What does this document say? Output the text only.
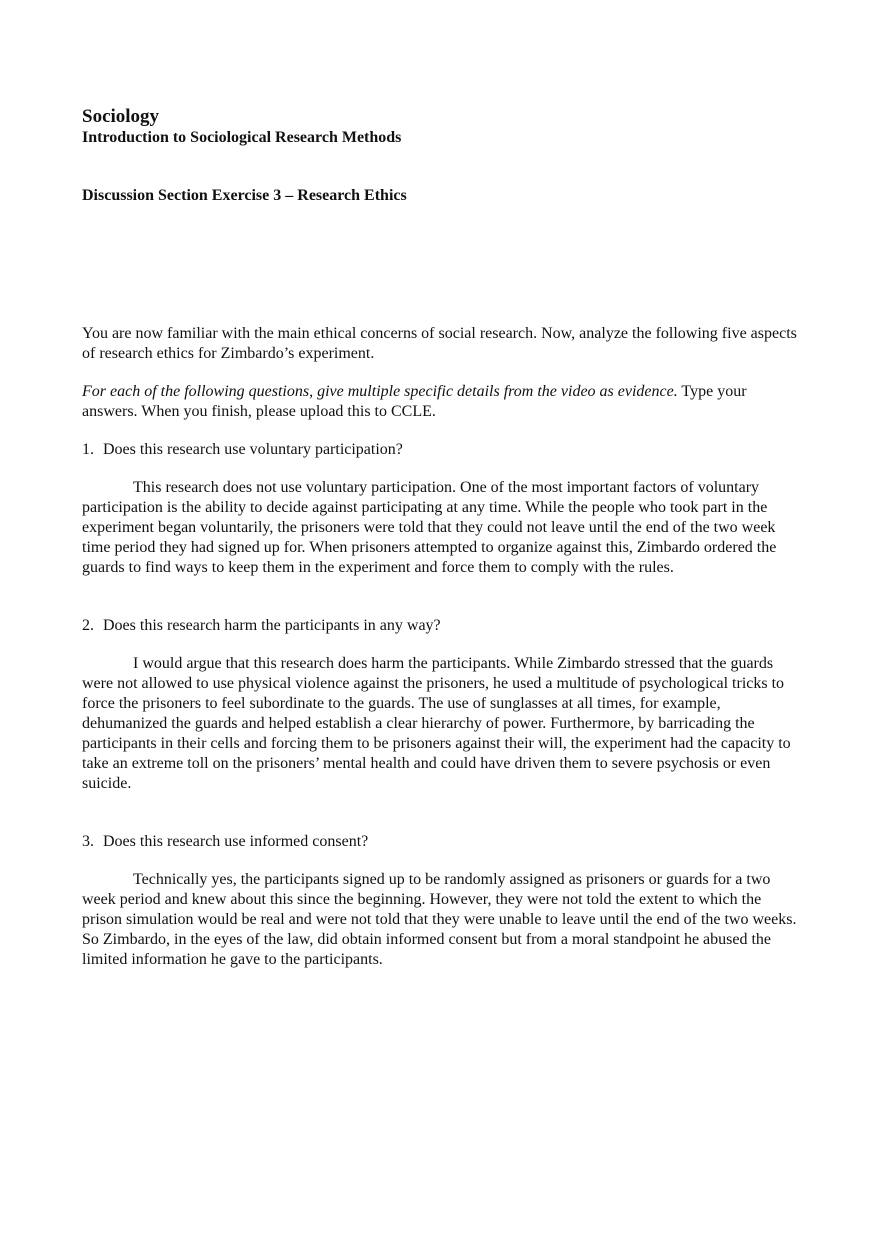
Sociology
Introduction to Sociological Research Methods
Discussion Section Exercise 3 – Research Ethics

You are now familiar with the main ethical concerns of social research. Now, analyze the following five aspects of research ethics for Zimbardo’s experiment.

For each of the following questions, give multiple specific details from the video as evidence. Type your answers. When you finish, please upload this to CCLE.

1. Does this research use voluntary participation?

This research does not use voluntary participation. One of the most important factors of voluntary participation is the ability to decide against participating at any time. While the people who took part in the experiment began voluntarily, the prisoners were told that they could not leave until the end of the two week time period they had signed up for. When prisoners attempted to organize against this, Zimbardo ordered the guards to find ways to keep them in the experiment and force them to comply with the rules.

2. Does this research harm the participants in any way?

I would argue that this research does harm the participants. While Zimbardo stressed that the guards were not allowed to use physical violence against the prisoners, he used a multitude of psychological tricks to force the prisoners to feel subordinate to the guards. The use of sunglasses at all times, for example, dehumanized the guards and helped establish a clear hierarchy of power. Furthermore, by barricading the participants in their cells and forcing them to be prisoners against their will, the experiment had the capacity to take an extreme toll on the prisoners’ mental health and could have driven them to severe psychosis or even suicide.

3. Does this research use informed consent?

Technically yes, the participants signed up to be randomly assigned as prisoners or guards for a two week period and knew about this since the beginning. However, they were not told the extent to which the prison simulation would be real and were not told that they were unable to leave until the end of the two weeks. So Zimbardo, in the eyes of the law, did obtain informed consent but from a moral standpoint he abused the limited information he gave to the participants.
